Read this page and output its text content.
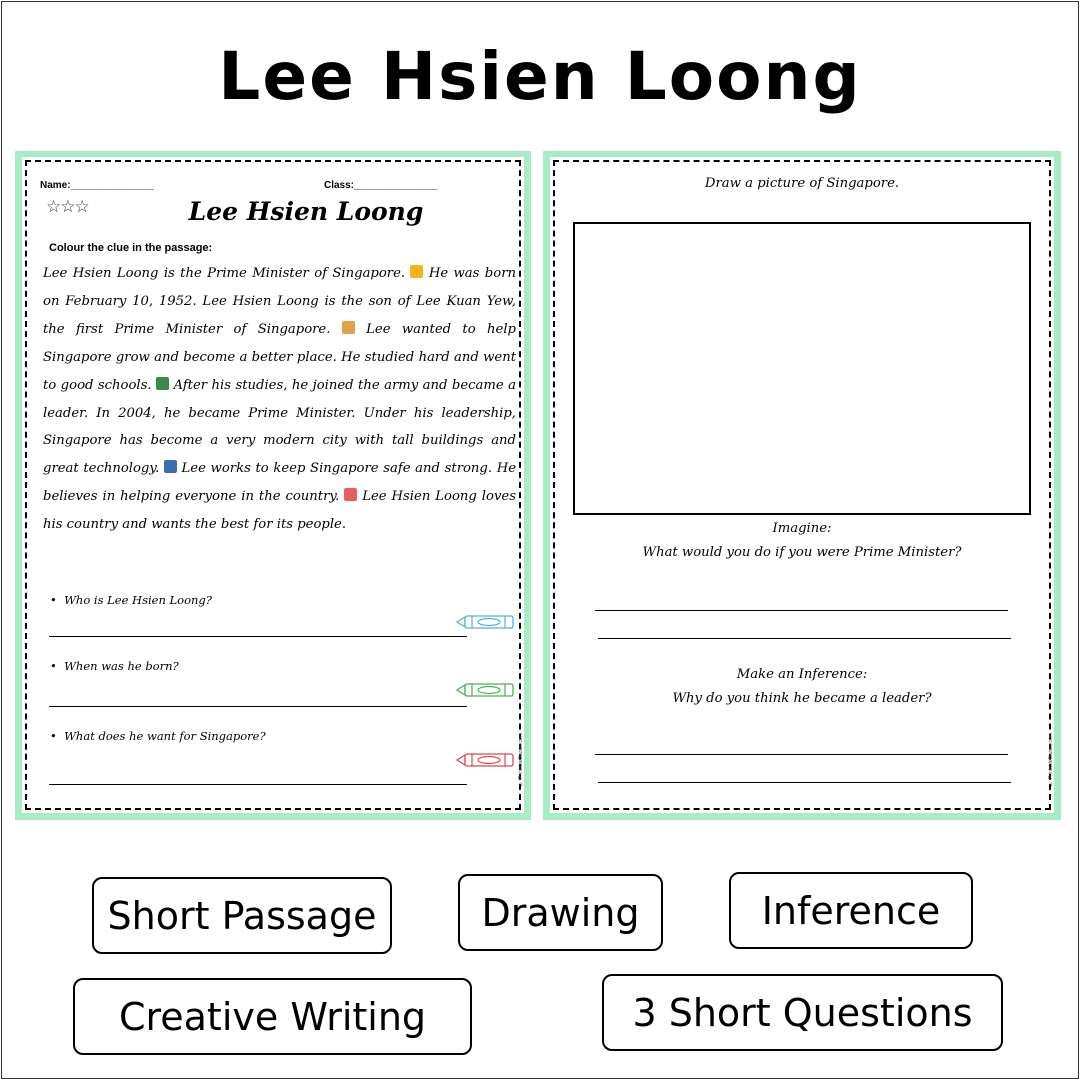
Lee Hsien Loong
Name:_______________	Class:_______________
☆☆☆	Lee Hsien Loong
Colour the clue in the passage:
Lee Hsien Loong is the Prime Minister of Singapore.  He was born on February 10, 1952. Lee Hsien Loong is the son of Lee Kuan Yew, the first Prime Minister of Singapore.  Lee wanted to help Singapore grow and become a better place. He studied hard and went to good schools.  After his studies, he joined the army and became a leader. In 2004, he became Prime Minister. Under his leadership, Singapore has become a very modern city with tall buildings and great technology.  Lee works to keep Singapore safe and strong. He believes in helping everyone in the country.  Lee Hsien Loong loves his country and wants the best for its people.
• Who is Lee Hsien Loong?
• When was he born?
• What does he want for Singapore?	© PrintableBazaar.com
Draw a picture of Singapore.
Imagine:
What would you do if you were Prime Minister?
Make an Inference:
Why do you think he became a leader?
© PrintableBazaar.com
Short Passage	Drawing	Inference
Creative Writing	3 Short Questions
